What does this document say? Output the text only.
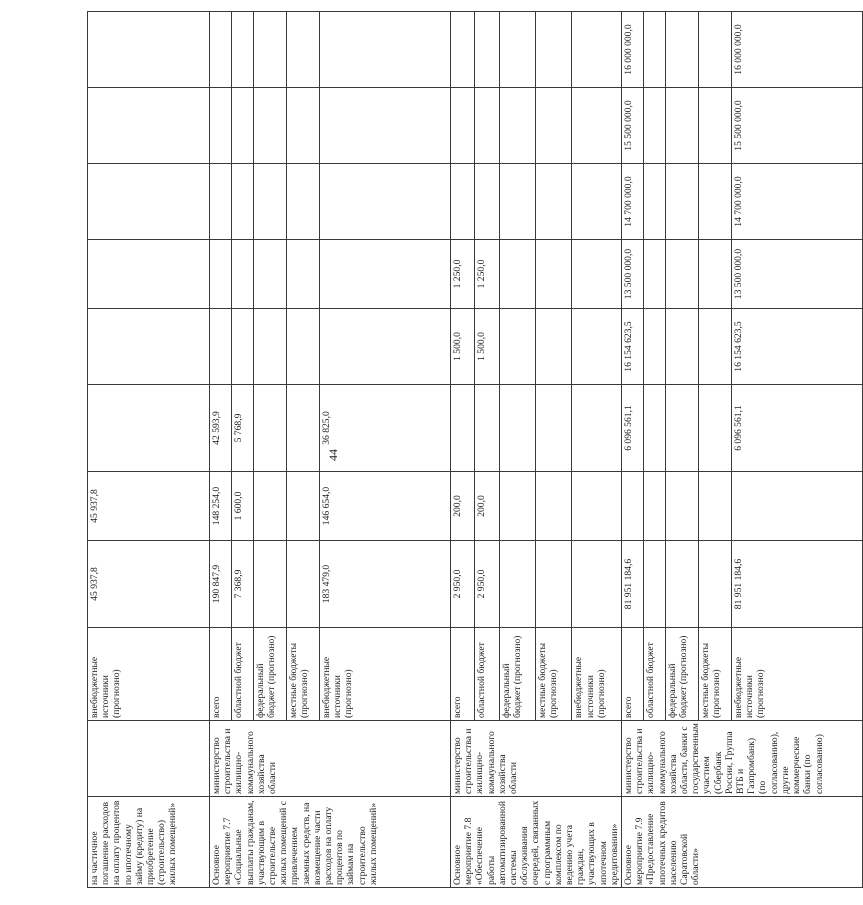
44
на частичное погашение расходов на оплату процентов по ипотечному займу (кредиту) на приобретение (строительство) жилых помещений»		внебюджетные источники (прогнозно)	45 937,8	45 937,8						
Основное мероприятие 7.7 «Социальные выплаты гражданам, участвующим в строительстве жилых помещений с привлечением заемных средств, на возмещение части расходов на оплату процентов по займам на строительство жилых помещений»	министерство строительства и жилищно-коммунального хозяйства области	всего	190 847,9	148 254,0	42 593,9					
		областной бюджет	7 368,9	1 600,0	5 768,9					
		федеральный бюджет (прогнозно)								
		местные бюджеты (прогнозно)								
		внебюджетные источники (прогнозно)	183 479,0	146 654,0	36 825,0					
Основное мероприятие 7.8 «Обеспечение работы автоматизированной системы обслуживания очередей, связанных с программным комплексом по ведению учета граждан, участвующих в ипотечном кредитовании»	министерство строительства и жилищно-коммунального хозяйства области	всего	2 950,0	200,0		1 500,0	1 250,0			
		областной бюджет	2 950,0	200,0		1 500,0	1 250,0			
		федеральный бюджет (прогнозно)								
		местные бюджеты (прогнозно)								
		внебюджетные источники (прогнозно)								
Основное мероприятие 7.9 «Предоставление ипотечных кредитов населению Саратовской области»	министерство строительства и жилищно-коммунального хозяйства области, банки с государственным участием (Сбербанк России, Группа ВТБ и Газпромбанк) (по согласованию), другие коммерческие банки (по согласованию)	всего	81 951 184,6		6 096 561,1	16 154 623,5	13 500 000,0	14 700 000,0	15 500 000,0	16 000 000,0
		областной бюджет								
		федеральный бюджет (прогнозно)								
		местные бюджеты (прогнозно)								
		внебюджетные источники (прогнозно)	81 951 184,6		6 096 561,1	16 154 623,5	13 500 000,0	14 700 000,0	15 500 000,0	16 000 000,0
